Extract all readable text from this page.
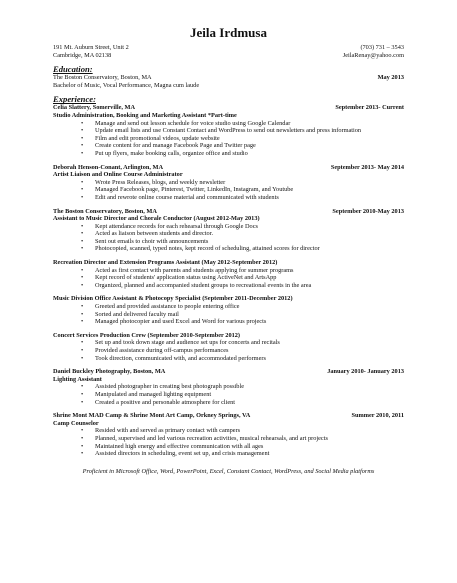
Jeila Irdmusa
191 Mt. Auburn Street, Unit 2	(703) 731 – 3543
Cambridge, MA 02138	JeilaRenay@yahoo.com
Education:
The Boston Conservatory, Boston, MA	May 2013
Bachelor of Music, Vocal Performance, Magna cum laude
Experience:
Celia Slattery, Somerville, MA	September 2013- Current
Studio Administration, Booking and Marketing Assistant *Part-time
• Manage and send out lesson schedule for voice studio using Google Calendar
• Update email lists and use Constant Contact and WordPress to send out newsletters and press information
• Film and edit promotional videos, update website
• Create content for and manage Facebook Page and Twitter page
• Put up flyers, make booking calls, organize office and studio
Deborah Henson-Conant, Arlington, MA	September 2013- May 2014
Artist Liaison and Online Course Administrator
• Wrote Press Releases, blogs, and weekly newsletter
• Managed Facebook page, Pinterest, Twitter, LinkedIn, Instagram, and Youtube
• Edit and rewrote online course material and communicated with students
The Boston Conservatory, Boston, MA	September 2010-May 2013
Assistant to Music Director and Chorale Conductor (August 2012-May 2013)
• Kept attendance records for each rehearsal through Google Docs
• Acted as liaison between students and director.
• Sent out emails to choir with announcements
• Photocopied, scanned, typed notes, kept record of scheduling, attained scores for director
Recreation Director and Extension Programs Assistant (May 2012-September 2012)
• Acted as first contact with parents and students applying for summer programs
• Kept record of students' application status using ActiveNet and ArtsApp
• Organized, planned and accompanied student groups to recreational events in the area
Music Division Office Assistant & Photocopy Specialist (September 2011-December 2012)
• Greeted and provided assistance to people entering office
• Sorted and delivered faculty mail
• Managed photocopier and used Excel and Word for various projects
Concert Services Production Crew (September 2010-September 2012)
• Set up and took down stage and audience set ups for concerts and recitals
• Provided assistance during off-campus performances
• Took direction, communicated with, and accommodated performers
Daniel Buckley Photography, Boston, MA	January 2010- January 2013
Lighting Assistant
• Assisted photographer in creating best photograph possible
• Manipulated and managed lighting equipment
• Created a positive and personable atmosphere for client
Shrine Mont MAD Camp & Shrine Mont Art Camp, Orkney Springs, VA	Summer 2010, 2011
Camp Counselor
• Resided with and served as primary contact with campers
• Planned, supervised and led various recreation activities, musical rehearsals, and art projects
• Maintained high energy and effective communication with all ages
• Assisted directors in scheduling, event set up, and crisis management
Proficient in Microsoft Office, Word, PowerPoint, Excel, Constant Contact, WordPress, and Social Media platforms
